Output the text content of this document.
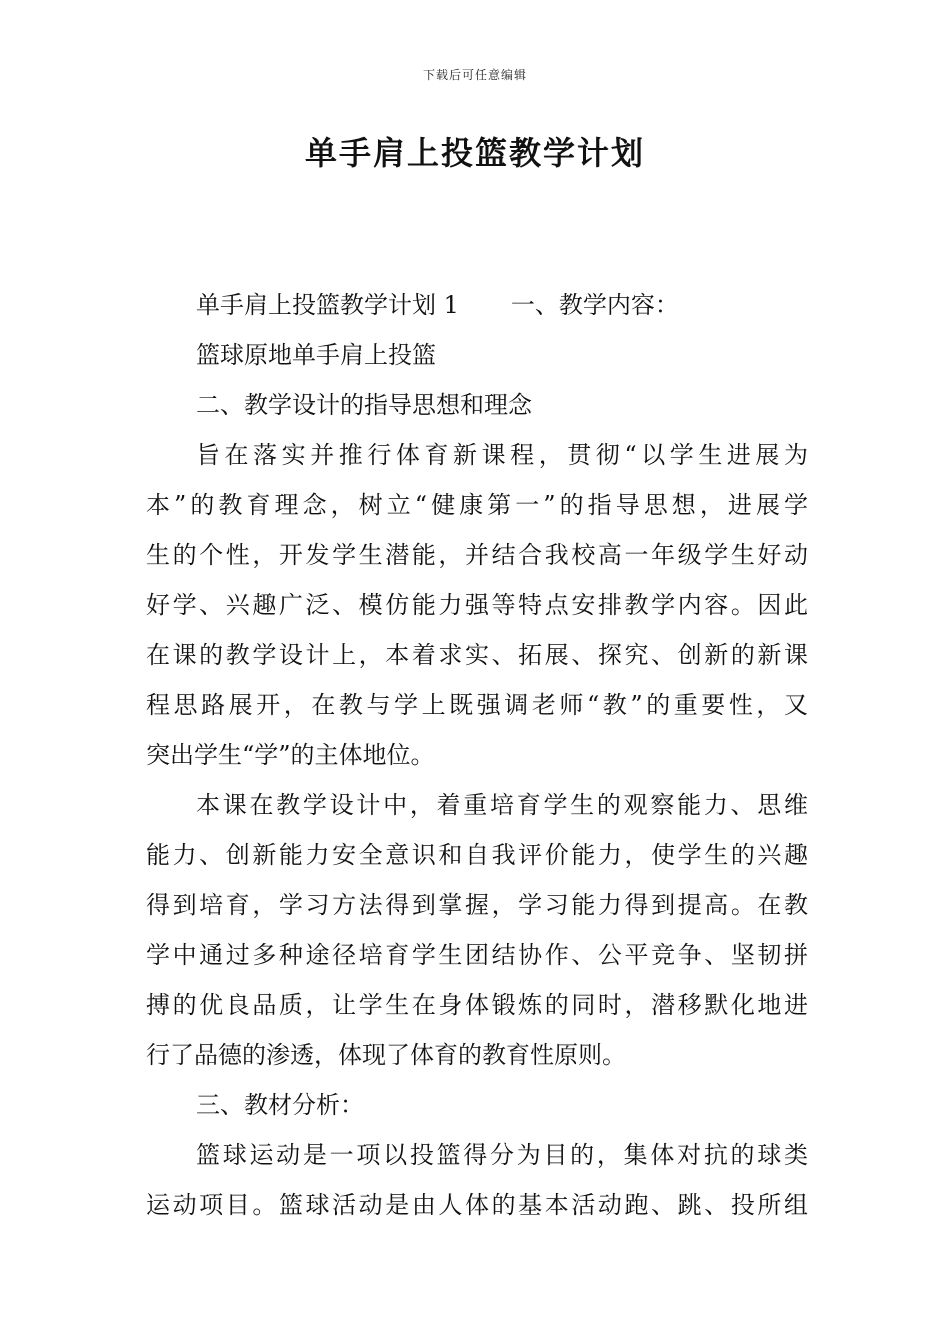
下载后可任意编辑
单手肩上投篮教学计划
单手肩上投篮教学计划 1 一、教学内容：
篮球原地单手肩上投篮
二、教学设计的指导思想和理念
旨在落实并推行体育新课程，贯彻“以学生进展为
本”的教育理念，树立“健康第一”的指导思想，进展学
生的个性，开发学生潜能，并结合我校高一年级学生好动
好学、兴趣广泛、模仿能力强等特点安排教学内容。因此
在课的教学设计上，本着求实、拓展、探究、创新的新课
程思路展开，在教与学上既强调老师“教”的重要性，又
突出学生“学”的主体地位。
本课在教学设计中，着重培育学生的观察能力、思维
能力、创新能力安全意识和自我评价能力，使学生的兴趣
得到培育，学习方法得到掌握，学习能力得到提高。在教
学中通过多种途径培育学生团结协作、公平竞争、坚韧拼
搏的优良品质，让学生在身体锻炼的同时，潜移默化地进
行了品德的渗透，体现了体育的教育性原则。
三、教材分析：
篮球运动是一项以投篮得分为目的，集体对抗的球类
运动项目。篮球活动是由人体的基本活动跑、跳、投所组
